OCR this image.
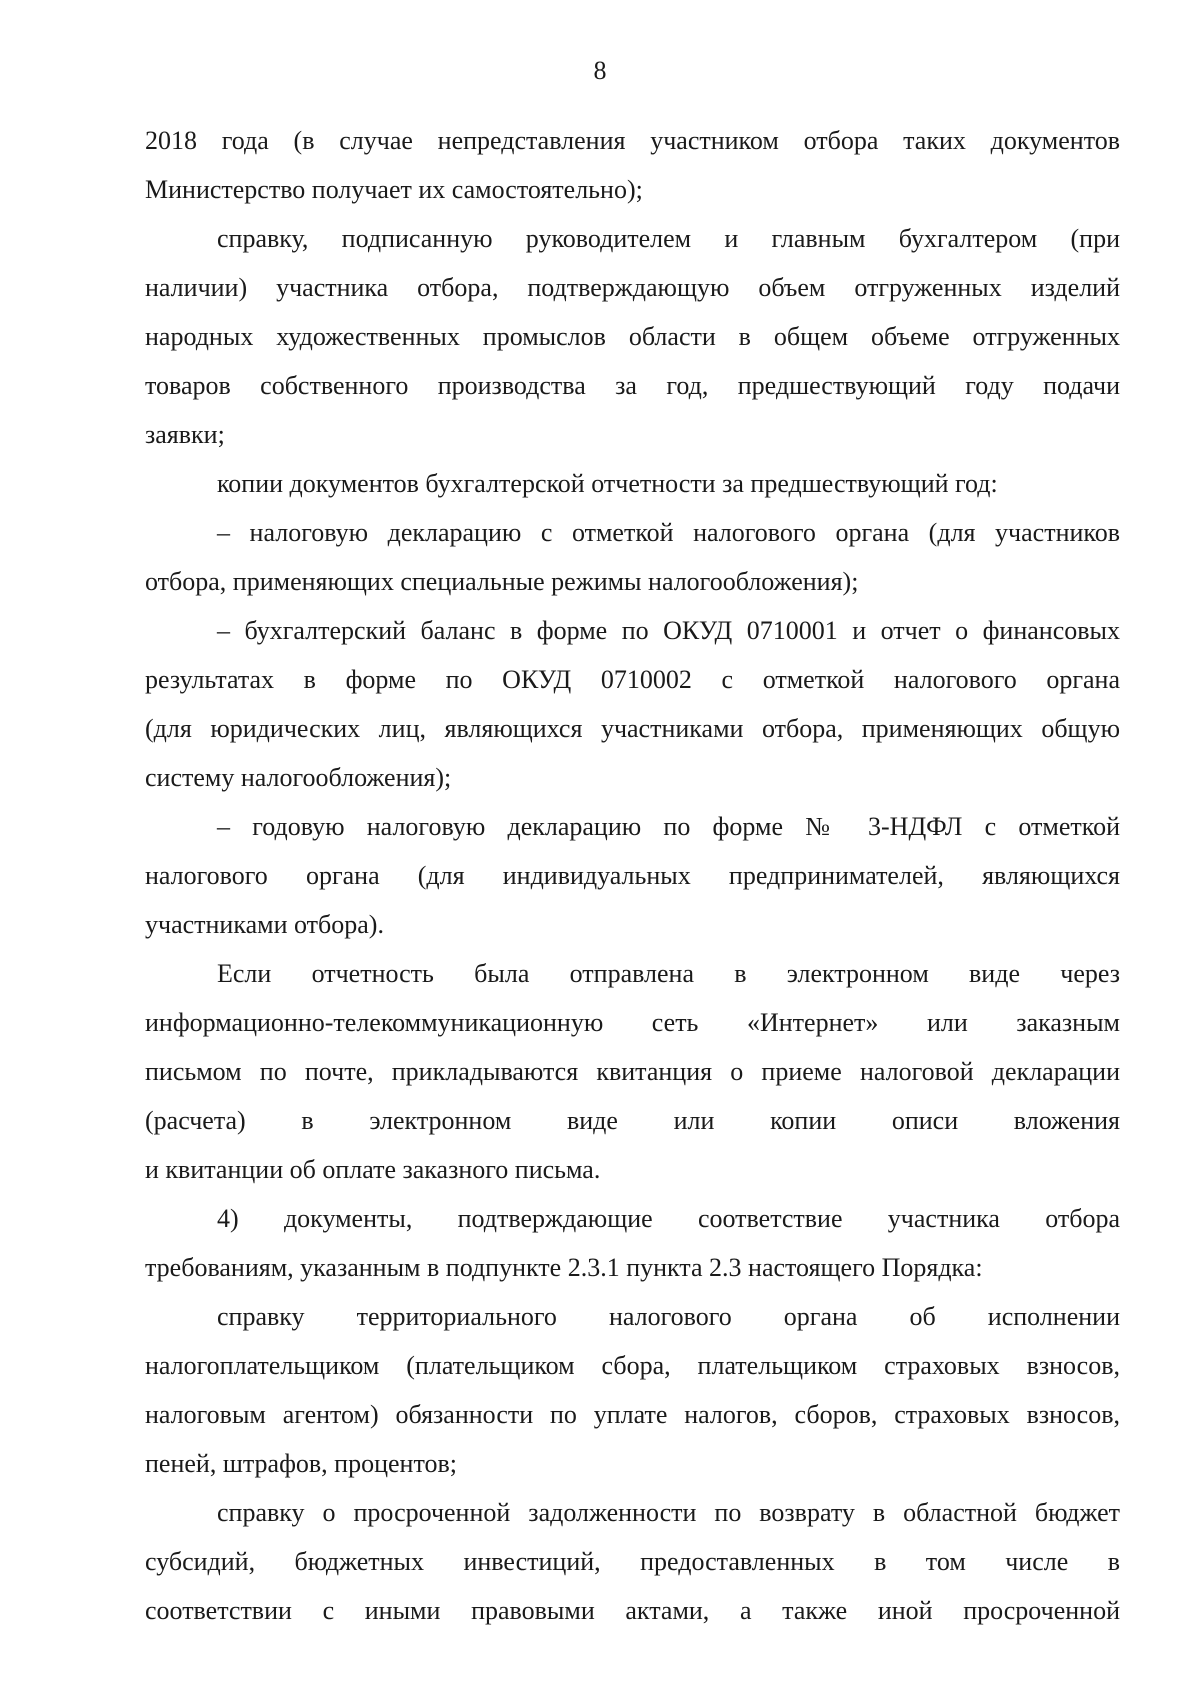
8
2018 года (в случае непредставления участником отбора таких документов
Министерство получает их самостоятельно);
справку, подписанную руководителем и главным бухгалтером (при
наличии) участника отбора, подтверждающую объем отгруженных изделий
народных художественных промыслов области в общем объеме отгруженных
товаров собственного производства за год, предшествующий году подачи
заявки;
копии документов бухгалтерской отчетности за предшествующий год:
– налоговую декларацию с отметкой налогового органа (для участников
отбора, применяющих специальные режимы налогообложения);
– бухгалтерский баланс в форме по ОКУД 0710001 и отчет о финансовых
результатах в форме по ОКУД 0710002 с отметкой налогового органа
(для юридических лиц, являющихся участниками отбора, применяющих общую
систему налогообложения);
– годовую налоговую декларацию по форме № 3-НДФЛ с отметкой
налогового органа (для индивидуальных предпринимателей, являющихся
участниками отбора).
Если отчетность была отправлена в электронном виде через
информационно-телекоммуникационную сеть «Интернет» или заказным
письмом по почте, прикладываются квитанция о приеме налоговой декларации
(расчета) в электронном виде или копии описи вложения
и квитанции об оплате заказного письма.
4) документы, подтверждающие соответствие участника отбора
требованиям, указанным в подпункте 2.3.1 пункта 2.3 настоящего Порядка:
справку территориального налогового органа об исполнении
налогоплательщиком (плательщиком сбора, плательщиком страховых взносов,
налоговым агентом) обязанности по уплате налогов, сборов, страховых взносов,
пеней, штрафов, процентов;
справку о просроченной задолженности по возврату в областной бюджет
субсидий, бюджетных инвестиций, предоставленных в том числе в
соответствии с иными правовыми актами, а также иной просроченной
